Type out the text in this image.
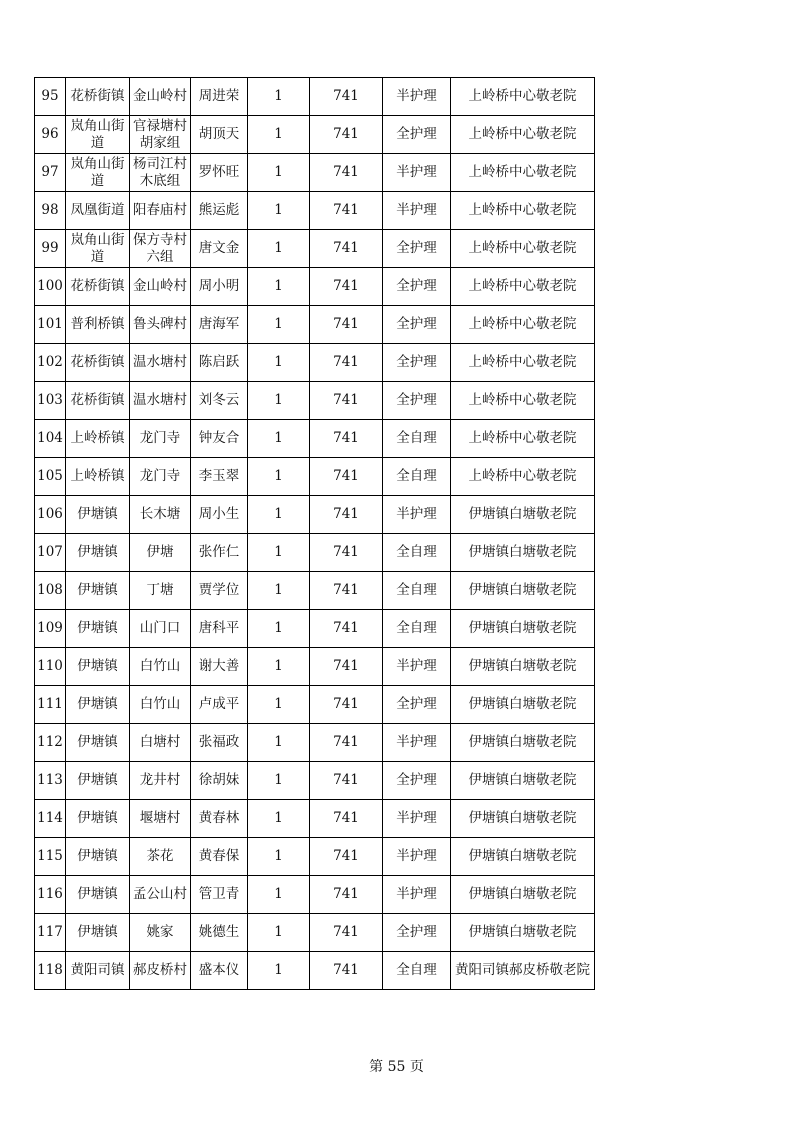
95	花桥街镇	金山岭村	周进荣	1	741	半护理	上岭桥中心敬老院
96	岚角山街道	官禄塘村胡家组	胡顶天	1	741	全护理	上岭桥中心敬老院
97	岚角山街道	杨司江村木底组	罗怀旺	1	741	半护理	上岭桥中心敬老院
98	凤凰街道	阳春庙村	熊运彪	1	741	半护理	上岭桥中心敬老院
99	岚角山街道	保方寺村六组	唐文金	1	741	全护理	上岭桥中心敬老院
100	花桥街镇	金山岭村	周小明	1	741	全护理	上岭桥中心敬老院
101	普利桥镇	鲁头碑村	唐海军	1	741	全护理	上岭桥中心敬老院
102	花桥街镇	温水塘村	陈启跃	1	741	全护理	上岭桥中心敬老院
103	花桥街镇	温水塘村	刘冬云	1	741	全护理	上岭桥中心敬老院
104	上岭桥镇	龙门寺	钟友合	1	741	全自理	上岭桥中心敬老院
105	上岭桥镇	龙门寺	李玉翠	1	741	全自理	上岭桥中心敬老院
106	伊塘镇	长木塘	周小生	1	741	半护理	伊塘镇白塘敬老院
107	伊塘镇	伊塘	张作仁	1	741	全自理	伊塘镇白塘敬老院
108	伊塘镇	丁塘	贾学位	1	741	全自理	伊塘镇白塘敬老院
109	伊塘镇	山门口	唐科平	1	741	全自理	伊塘镇白塘敬老院
110	伊塘镇	白竹山	谢大善	1	741	半护理	伊塘镇白塘敬老院
111	伊塘镇	白竹山	卢成平	1	741	全护理	伊塘镇白塘敬老院
112	伊塘镇	白塘村	张福政	1	741	半护理	伊塘镇白塘敬老院
113	伊塘镇	龙井村	徐胡妹	1	741	全护理	伊塘镇白塘敬老院
114	伊塘镇	堰塘村	黄春林	1	741	半护理	伊塘镇白塘敬老院
115	伊塘镇	茶花	黄春保	1	741	半护理	伊塘镇白塘敬老院
116	伊塘镇	孟公山村	管卫青	1	741	半护理	伊塘镇白塘敬老院
117	伊塘镇	姚家	姚德生	1	741	全护理	伊塘镇白塘敬老院
118	黄阳司镇	郝皮桥村	盛本仪	1	741	全自理	黄阳司镇郝皮桥敬老院
第 55 页
